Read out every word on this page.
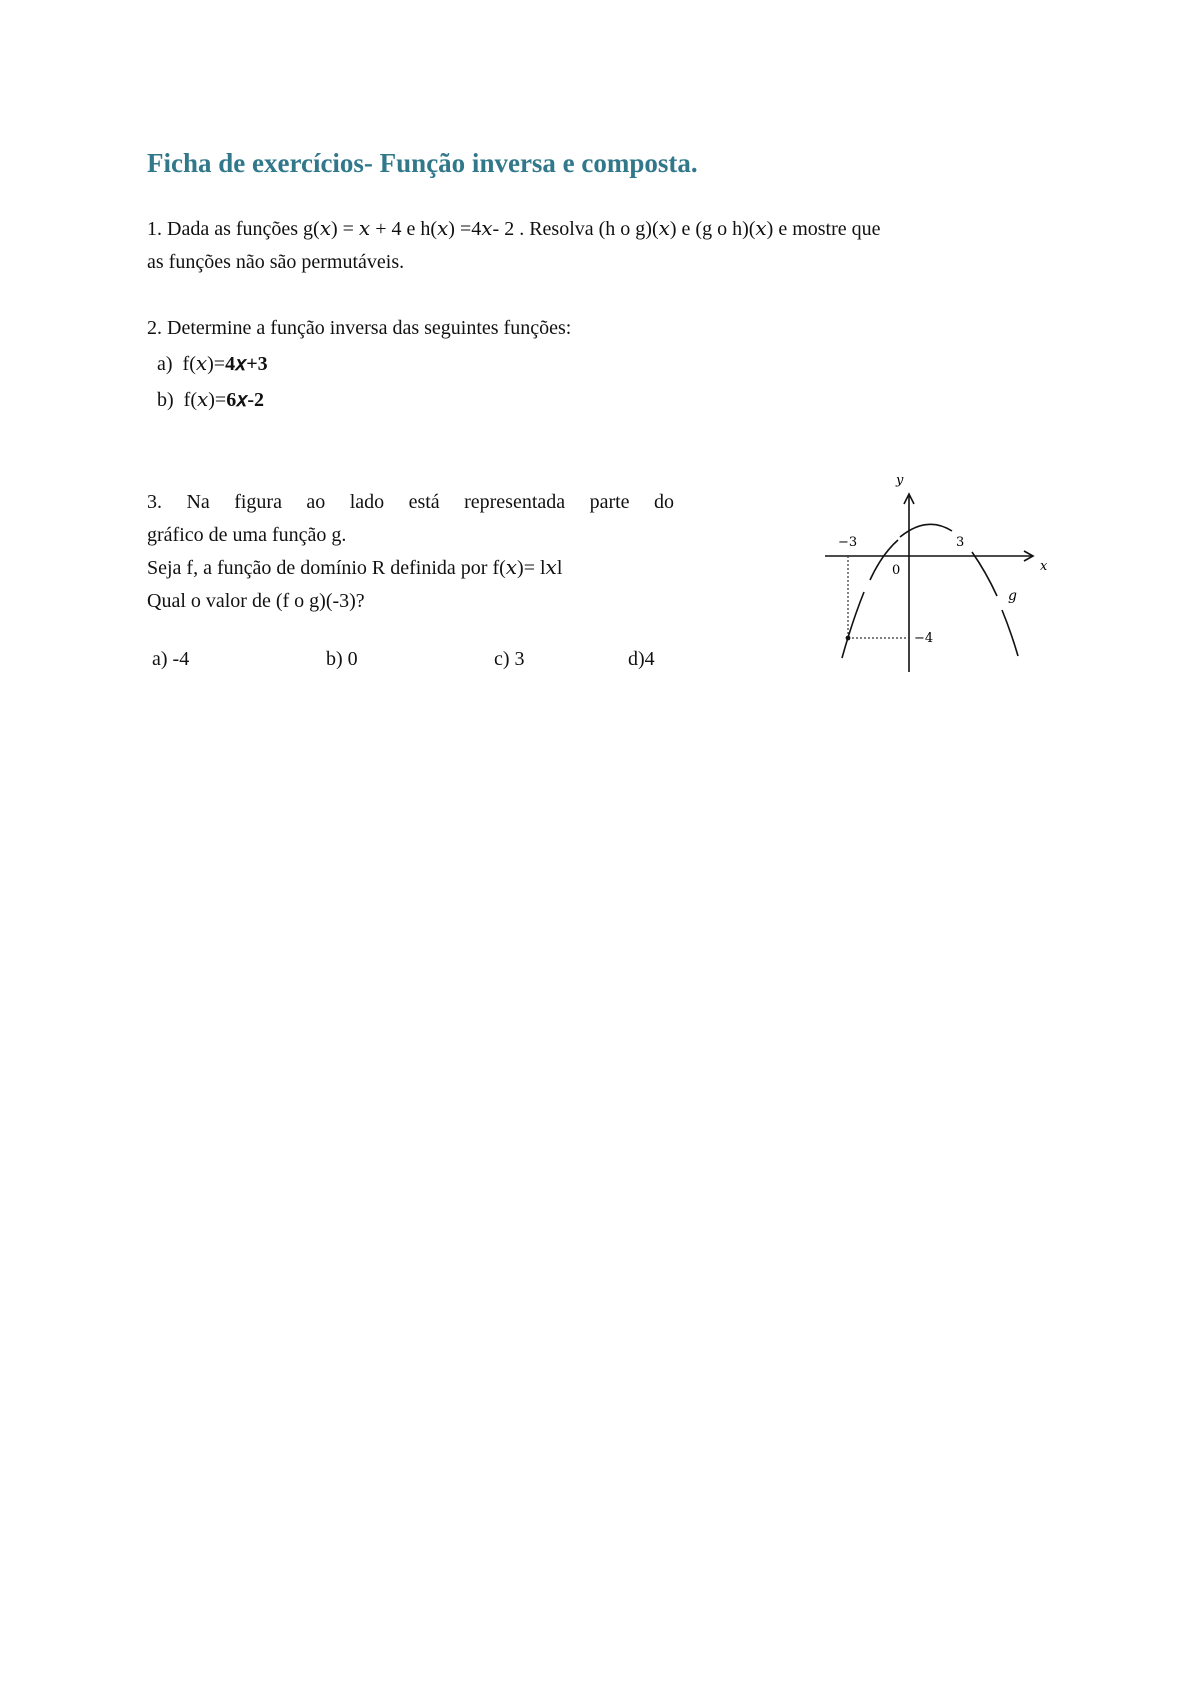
Ficha de exercícios- Função inversa e composta.
1. Dada as funções g(𝑥) = 𝑥 + 4 e h(𝑥) =4𝑥- 2 . Resolva (h o g)(𝑥) e (g o h)(𝑥) e mostre que
as funções não são permutáveis.
2. Determine a função inversa das seguintes funções:
a) f(𝑥)=4𝑥+3
b) f(𝑥)=6𝑥-2
3. Na figura ao lado está representada parte do
gráfico de uma função g.
Seja f, a função de domínio R definida por f(𝑥)= l𝑥l
Qual o valor de (f o g)(-3)?
a) -4	b) 0	c) 3	d)4
y
x
g
−3	3
0
−4
